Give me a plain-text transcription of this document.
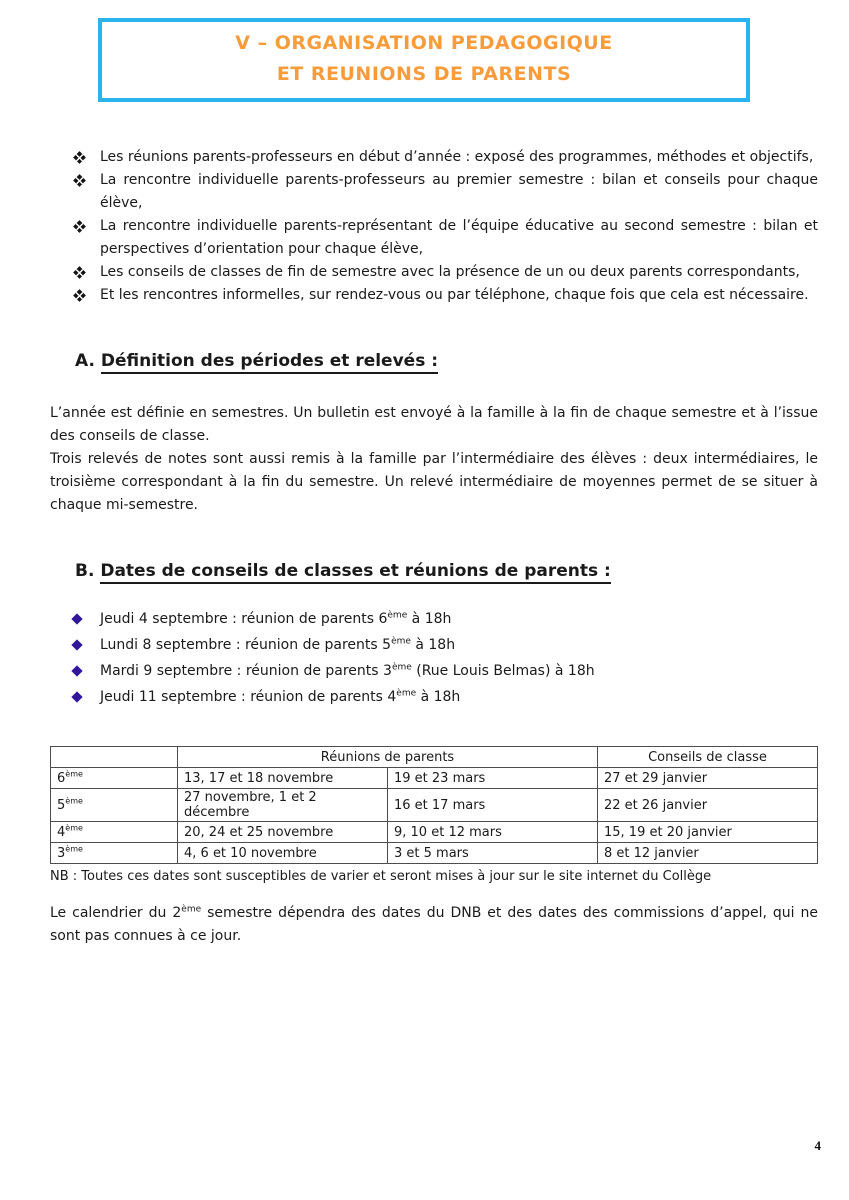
V – ORGANISATION PEDAGOGIQUE
ET REUNIONS DE PARENTS
Les réunions parents-professeurs en début d’année : exposé des programmes, méthodes et objectifs,
La rencontre individuelle parents-professeurs au premier semestre : bilan et conseils pour chaque élève,
La rencontre individuelle parents-représentant de l’équipe éducative au second semestre : bilan et perspectives d’orientation pour chaque élève,
Les conseils de classes de fin de semestre avec la présence de un ou deux parents correspondants,
Et les rencontres informelles, sur rendez-vous ou par téléphone, chaque fois que cela est nécessaire.
A. Définition des périodes et relevés :

L’année est définie en semestres. Un bulletin est envoyé à la famille à la fin de chaque semestre et à l’issue des conseils de classe.

Trois relevés de notes sont aussi remis à la famille par l’intermédiaire des élèves : deux intermédiaires, le troisième correspondant à la fin du semestre. Un relevé intermédiaire de moyennes permet de se situer à chaque mi-semestre.

B. Dates de conseils de classes et réunions de parents :
Jeudi 4 septembre : réunion de parents 6ème à 18h
Lundi 8 septembre : réunion de parents 5ème à 18h
Mardi 9 septembre : réunion de parents 3ème (Rue Louis Belmas) à 18h
Jeudi 11 septembre : réunion de parents 4ème à 18h
	Réunions de parents		Conseils de classe
6ème	13, 17 et 18 novembre	19 et 23 mars	27 et 29 janvier
5ème	27 novembre, 1 et 2 décembre	16 et 17 mars	22 et 26 janvier
4ème	20, 24 et 25 novembre	9, 10 et 12 mars	15, 19 et 20 janvier
3ème	4, 6 et 10 novembre	3 et 5 mars	8 et 12 janvier
NB : Toutes ces dates sont susceptibles de varier et seront mises à jour sur le site internet du Collège
Le calendrier du 2ème semestre dépendra des dates du DNB et des dates des commissions d’appel, qui ne sont pas connues à ce jour.
4
